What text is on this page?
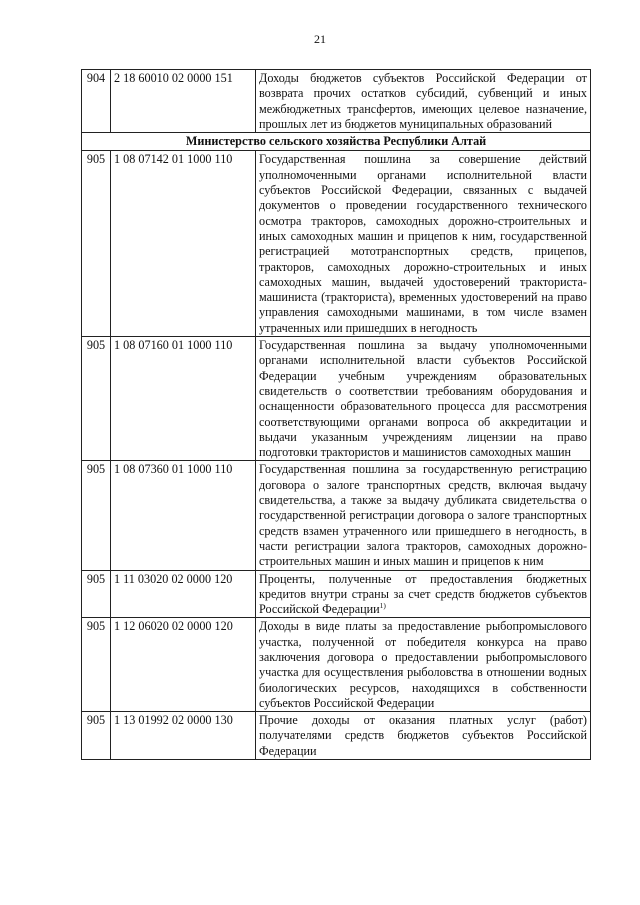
21
904	2 18 60010 02 0000 151	Доходы бюджетов субъектов Российской Федерации от возврата прочих остатков субсидий, субвенций и иных межбюджетных трансфертов, имеющих целевое назначение, прошлых лет из бюджетов муниципальных образований
Министерство сельского хозяйства Республики Алтай		
905	1 08 07142 01 1000 110	Государственная пошлина за совершение действий уполномоченными органами исполнительной власти субъектов Российской Федерации, связанных с выдачей документов о проведении государственного технического осмотра тракторов, самоходных дорожно-строительных и иных самоходных машин и прицепов к ним, государственной регистрацией мототранспортных средств, прицепов, тракторов, самоходных дорожно-строительных и иных самоходных машин, выдачей удостоверений тракториста-машиниста (тракториста), временных удостоверений на право управления самоходными машинами, в том числе взамен утраченных или пришедших в негодность
905	1 08 07160 01 1000 110	Государственная пошлина за выдачу уполномоченными органами исполнительной власти субъектов Российской Федерации учебным учреждениям образовательных свидетельств о соответствии требованиям оборудования и оснащенности образовательного процесса для рассмотрения соответствующими органами вопроса об аккредитации и выдачи указанным учреждениям лицензии на право подготовки трактористов и машинистов самоходных машин
905	1 08 07360 01 1000 110	Государственная пошлина за государственную регистрацию договора о залоге транспортных средств, включая выдачу свидетельства, а также за выдачу дубликата свидетельства о государственной регистрации договора о залоге транспортных средств взамен утраченного или пришедшего в негодность, в части регистрации залога тракторов, самоходных дорожно-строительных машин и иных машин и прицепов к ним
905	1 11 03020 02 0000 120	Проценты, полученные от предоставления бюджетных кредитов внутри страны за счет средств бюджетов субъектов Российской Федерации$^{1)}$
905	1 12 06020 02 0000 120	Доходы в виде платы за предоставление рыбопромыслового участка, полученной от победителя конкурса на право заключения договора о предоставлении рыбопромыслового участка для осуществления рыболовства в отношении водных биологических ресурсов, находящихся в собственности субъектов Российской Федерации
905	1 13 01992 02 0000 130	Прочие доходы от оказания платных услуг (работ) получателями средств бюджетов субъектов Российской Федерации
